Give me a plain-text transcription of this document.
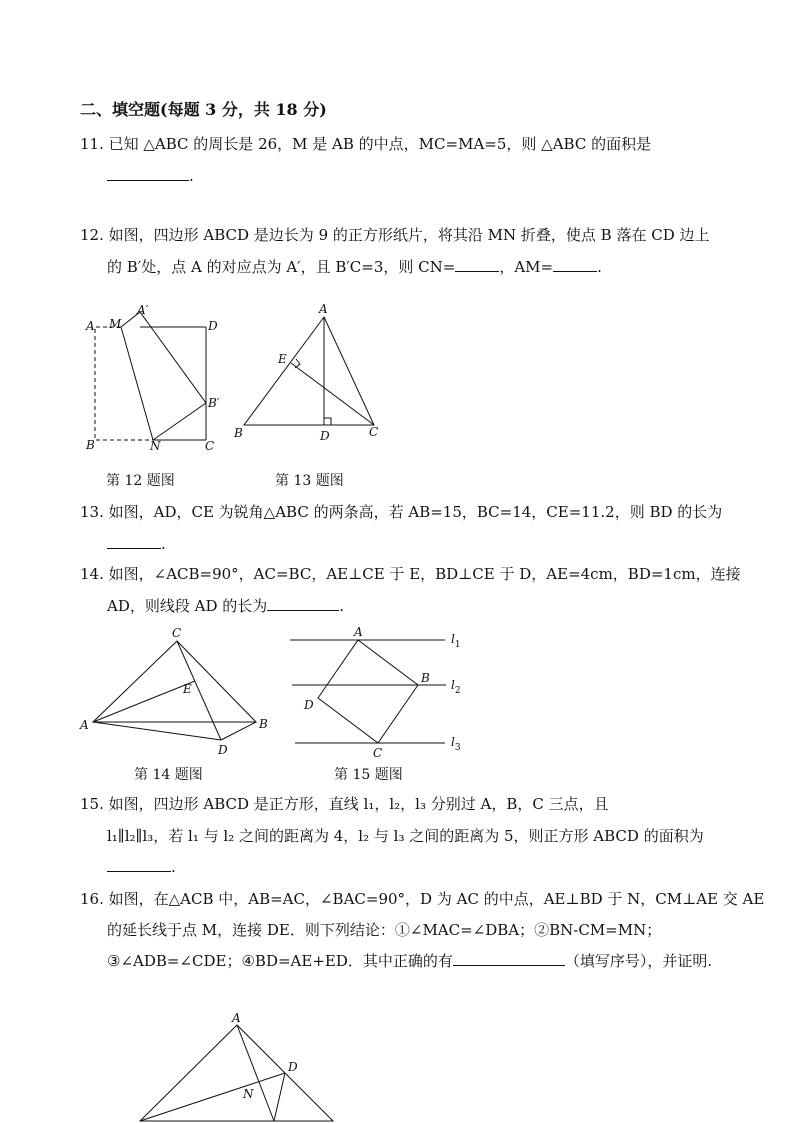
二、填空题(每题 3 分，共 18 分)
11. 已知 △ABC 的周长是 26，M 是 AB 的中点，MC=MA=5，则 △ABC 的面积是
.
12. 如图，四边形 ABCD 是边长为 9 的正方形纸片，将其沿 MN 折叠，使点 B 落在 CD 边上
的 B′处，点 A 的对应点为 A′，且 B′C=3，则 CN=	，AM=	.
A M
A′
D
B′
B	N	C
第 12 题图
A
E
B	D	C
第 13 题图
13. 如图，AD，CE 为锐角△ABC 的两条高，若 AB=15，BC=14，CE=11.2，则 BD 的长为
.
14. 如图，∠ACB=90°，AC=BC，AE⊥CE 于 E，BD⊥CE 于 D，AE=4cm，BD=1cm，连接
AD，则线段 AD 的长为	.
C
E
A	B
D
第 14 题图
A
B
D
C
$l_1$
$l_2$
$l_3$
第 15 题图
15. 如图，四边形 ABCD 是正方形，直线 l₁，l₂，l₃ 分别过 A，B，C 三点，且
l₁∥l₂∥l₃，若 l₁ 与 l₂ 之间的距离为 4，l₂ 与 l₃ 之间的距离为 5，则正方形 ABCD 的面积为
.
16. 如图，在△ACB 中，AB=AC，∠BAC=90°，D 为 AC 的中点，AE⊥BD 于 N，CM⊥AE 交 AE
的延长线于点 M，连接 DE．则下列结论：①∠MAC=∠DBA；②BN-CM=MN；
③∠ADB=∠CDE；④BD=AE+ED．其中正确的有	（填写序号），并证明.
A
D
N
